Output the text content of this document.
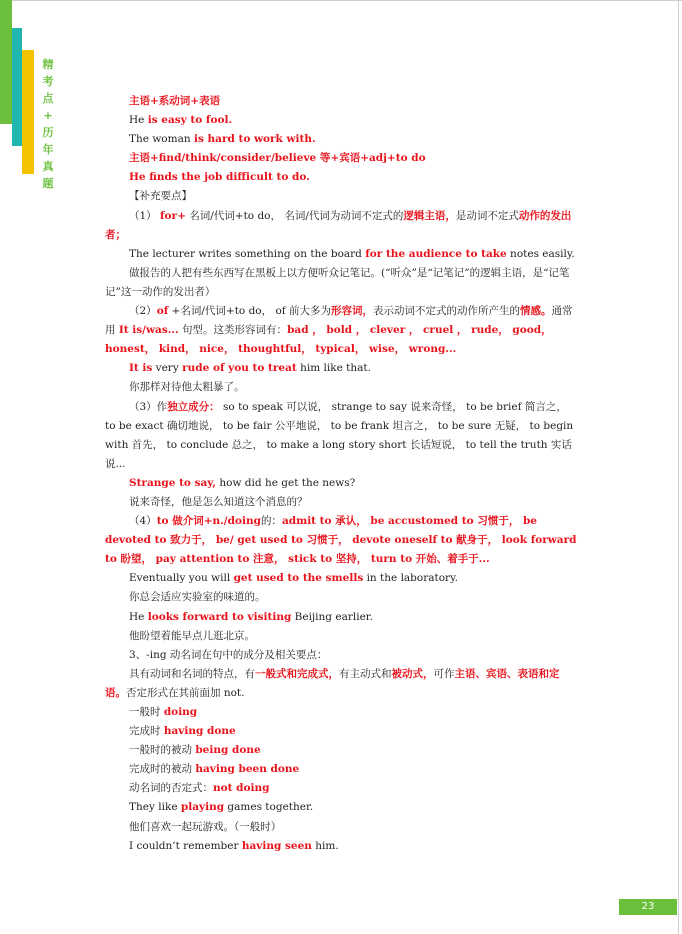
精
考
点
+
历
年
真
题

主语+系动词+表语

He is easy to fool.

The woman is hard to work with.

主语+find/think/consider/believe 等+宾语+adj+to do

He finds the job difficult to do.

【补充要点】

（1） for+ 名词/代词+to do， 名词/代词为动词不定式的逻辑主语，是动词不定式动作的发出者；

The lecturer writes something on the board for the audience to take notes easily.

做报告的人把有些东西写在黑板上以方便听众记笔记。(“听众”是“记笔记”的逻辑主语，是“记笔记”这一动作的发出者）

（2）of +名词/代词+to do， of 前大多为形容词，表示动词不定式的动作所产生的情感。通常用 It is/was... 句型。这类形容词有：bad ， bold ， clever ， cruel ， rude， good， honest， kind， nice， thoughtful， typical， wise， wrong...

It is very rude of you to treat him like that.

你那样对待他太粗暴了。

（3）作独立成分： so to speak 可以说， strange to say 说来奇怪， to be brief 简言之， to be exact 确切地说， to be fair 公平地说， to be frank 坦言之， to be sure 无疑， to begin with 首先， to conclude 总之， to make a long story short 长话短说， to tell the truth 实话说...

Strange to say, how did he get the news?

说来奇怪，他是怎么知道这个消息的？

（4）to 做介词+n./doing的：admit to 承认， be accustomed to 习惯于， be devoted to 致力于， be/ get used to 习惯于， devote oneself to 献身于， look forward to 盼望， pay attention to 注意， stick to 坚持， turn to 开始、着手于...

Eventually you will get used to the smells in the laboratory.

你总会适应实验室的味道的。

He looks forward to visiting Beijing earlier.

他盼望着能早点儿逛北京。

3、-ing 动名词在句中的成分及相关要点：

具有动词和名词的特点，有一般式和完成式，有主动式和被动式，可作主语、宾语、表语和定语。否定形式在其前面加 not.

一般时 doing

完成时 having done

一般时的被动 being done

完成时的被动 having been done

动名词的否定式：not doing

They like playing games together.

他们喜欢一起玩游戏。（一般时）

I couldn’t remember having seen him.

23
